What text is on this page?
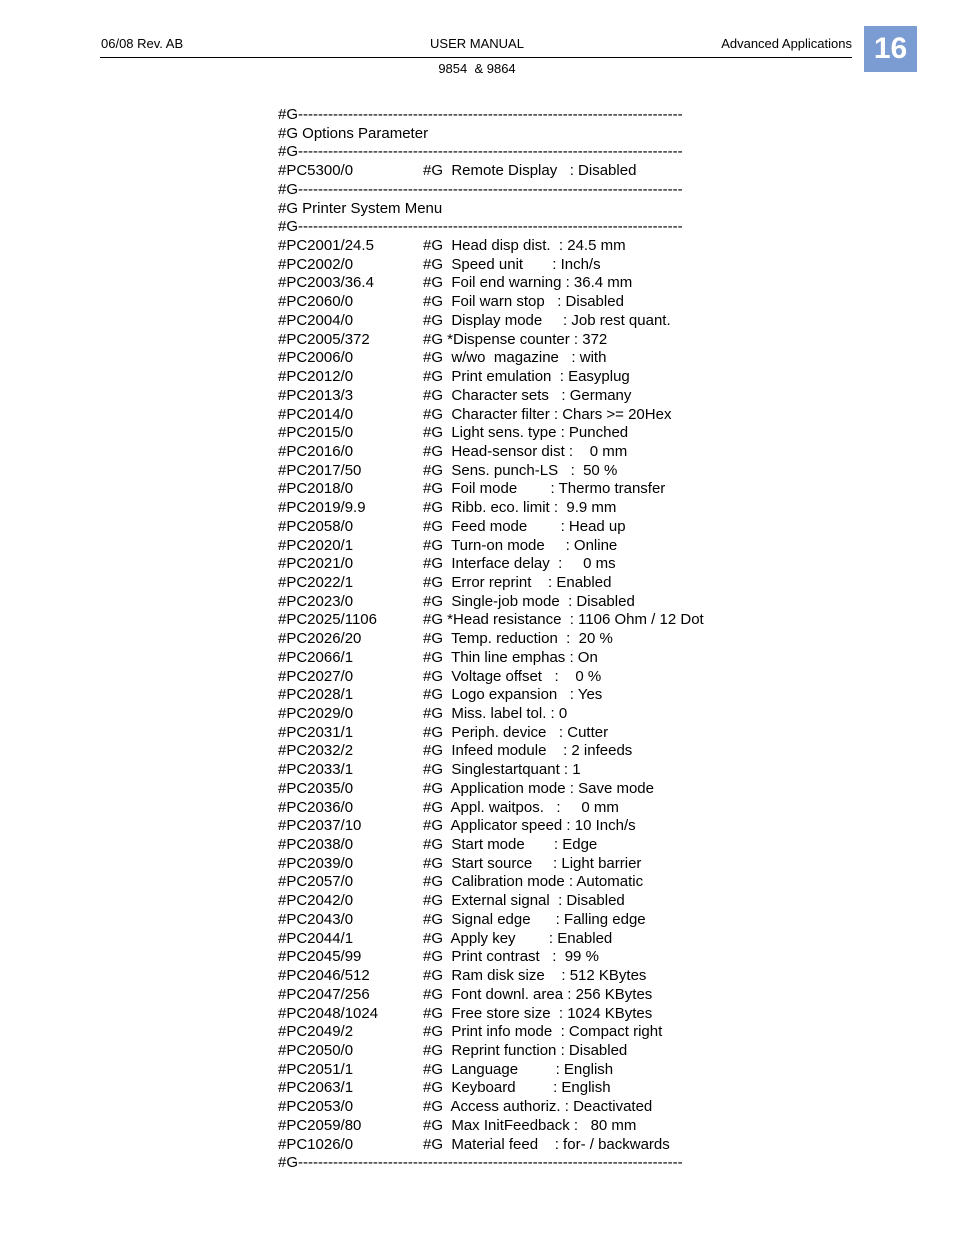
06/08 Rev. AB	USER MANUAL	Advanced Applications
9854  & 9864
16
#G-----------------------------------------------------------------------------
#G Options Parameter
#G-----------------------------------------------------------------------------
#PC5300/0	#G  Remote Display   : Disabled
#G-----------------------------------------------------------------------------
#G Printer System Menu
#G-----------------------------------------------------------------------------
#PC2001/24.5	#G  Head disp dist.  : 24.5 mm
#PC2002/0	#G  Speed unit       : Inch/s
#PC2003/36.4	#G  Foil end warning : 36.4 mm
#PC2060/0	#G  Foil warn stop   : Disabled
#PC2004/0	#G  Display mode     : Job rest quant.
#PC2005/372	#G *Dispense counter : 372
#PC2006/0	#G  w/wo  magazine   : with
#PC2012/0	#G  Print emulation  : Easyplug
#PC2013/3	#G  Character sets   : Germany
#PC2014/0	#G  Character filter : Chars >= 20Hex
#PC2015/0	#G  Light sens. type : Punched
#PC2016/0	#G  Head-sensor dist :    0 mm
#PC2017/50	#G  Sens. punch-LS   :  50 %
#PC2018/0	#G  Foil mode        : Thermo transfer
#PC2019/9.9	#G  Ribb. eco. limit :  9.9 mm
#PC2058/0	#G  Feed mode        : Head up
#PC2020/1	#G  Turn-on mode     : Online
#PC2021/0	#G  Interface delay  :     0 ms
#PC2022/1	#G  Error reprint    : Enabled
#PC2023/0	#G  Single-job mode  : Disabled
#PC2025/1106	#G *Head resistance  : 1106 Ohm / 12 Dot
#PC2026/20	#G  Temp. reduction  :  20 %
#PC2066/1	#G  Thin line emphas : On
#PC2027/0	#G  Voltage offset   :    0 %
#PC2028/1	#G  Logo expansion   : Yes
#PC2029/0	#G  Miss. label tol. : 0
#PC2031/1	#G  Periph. device   : Cutter
#PC2032/2	#G  Infeed module    : 2 infeeds
#PC2033/1	#G  Singlestartquant : 1
#PC2035/0	#G  Application mode : Save mode
#PC2036/0	#G  Appl. waitpos.   :     0 mm
#PC2037/10	#G  Applicator speed : 10 Inch/s
#PC2038/0	#G  Start mode       : Edge
#PC2039/0	#G  Start source     : Light barrier
#PC2057/0	#G  Calibration mode : Automatic
#PC2042/0	#G  External signal  : Disabled
#PC2043/0	#G  Signal edge      : Falling edge
#PC2044/1	#G  Apply key        : Enabled
#PC2045/99	#G  Print contrast   :  99 %
#PC2046/512	#G  Ram disk size    : 512 KBytes
#PC2047/256	#G  Font downl. area : 256 KBytes
#PC2048/1024	#G  Free store size  : 1024 KBytes
#PC2049/2	#G  Print info mode  : Compact right
#PC2050/0	#G  Reprint function : Disabled
#PC2051/1	#G  Language         : English
#PC2063/1	#G  Keyboard         : English
#PC2053/0	#G  Access authoriz. : Deactivated
#PC2059/80	#G  Max InitFeedback :   80 mm
#PC1026/0	#G  Material feed    : for- / backwards
#G-----------------------------------------------------------------------------
